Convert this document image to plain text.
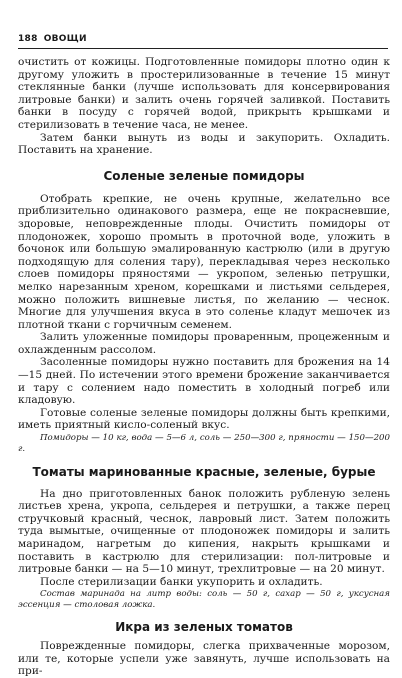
188 ОВОЩИ

очистить от кожицы. Подготовленные помидоры плотно один к другому уложить в простерилизованные в течение 15 минут стеклянные банки (лучше использовать для консервирования литровые банки) и залить очень горячей заливкой. Поставить банки в посуду с горячей водой, прикрыть крышками и стерилизовать в течение часа, не менее.

Затем банки вынуть из воды и закупорить. Охладить. Поставить на хранение.

Соленые зеленые помидоры

Отобрать крепкие, не очень крупные, желательно все приблизительно одинакового размера, еще не покрасневшие, здоровые, неповрежденные плоды. Очистить помидоры от плодоножек, хорошо промыть в проточной воде, уложить в бочонок или большую эмалированную кастрюлю (или в другую подходящую для соления тару), перекладывая через несколько слоев помидоры пряностями — укропом, зеленью петрушки, мелко нарезанным хреном, корешками и листьями сельдерея, можно положить вишневые листья, по желанию — чеснок. Многие для улучшения вкуса в это соленье кладут мешочек из плотной ткани с горчичным семенем.

Залить уложенные помидоры проваренным, процеженным и охлажденным рассолом.

Засоленные помидоры нужно поставить для брожения на 14—15 дней. По истечении этого времени брожение заканчивается и тару с солением надо поместить в холодный погреб или кладовую.

Готовые соленые зеленые помидоры должны быть крепкими, иметь приятный кисло-соленый вкус.

Помидоры — 10 кг, вода — 5—6 л, соль — 250—300 г, пряности — 150—200 г.

Томаты маринованные красные, зеленые, бурые

На дно приготовленных банок положить рубленую зелень листьев хрена, укропа, сельдерея и петрушки, а также перец стручковый красный, чеснок, лавровый лист. Затем положить туда вымытые, очищенные от плодоножек помидоры и залить маринадом, нагретым до кипения, накрыть крышками и поставить в кастрюлю для стерилизации: пол-литровые и литровые банки — на 5—10 минут, трехлитровые — на 20 минут.

После стерилизации банки укупорить и охладить.

Состав маринада на литр воды: соль — 50 г, сахар — 50 г, уксусная эссенция — столовая ложка.

Икра из зеленых томатов

Поврежденные помидоры, слегка прихваченные морозом, или те, которые успели уже завянуть, лучше использовать на при-
